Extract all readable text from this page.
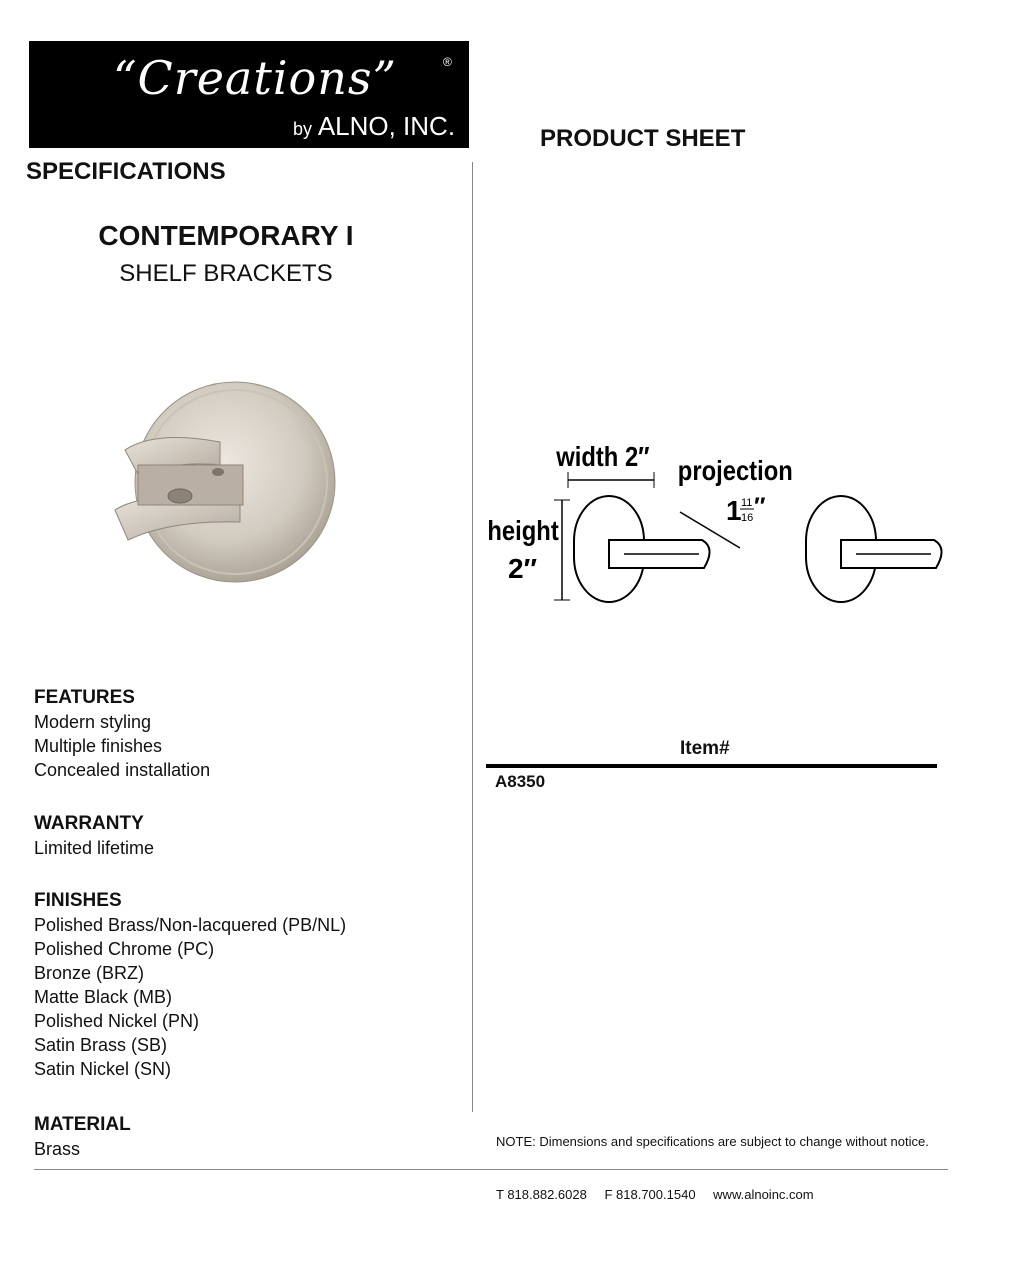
“Creations”	®
by ALNO, INC.	PRODUCT SHEET
SPECIFICATIONS
CONTEMPORARY I
SHELF BRACKETS
width 2″ projection
1 11
16 ″
height
2″
FEATURES
Modern styling
Multiple finishes
Concealed installation
WARRANTY
Limited lifetime
FINISHES
Polished Brass/Non-lacquered (PB/NL)
Polished Chrome (PC)
Bronze (BRZ)
Matte Black (MB)
Polished Nickel (PN)
Satin Brass (SB)
Satin Nickel (SN)
MATERIAL
Brass
Item#
A8350
NOTE: Dimensions and specifications are subject to change without notice.
T 818.882.6028 F 818.700.1540 www.alnoinc.com
